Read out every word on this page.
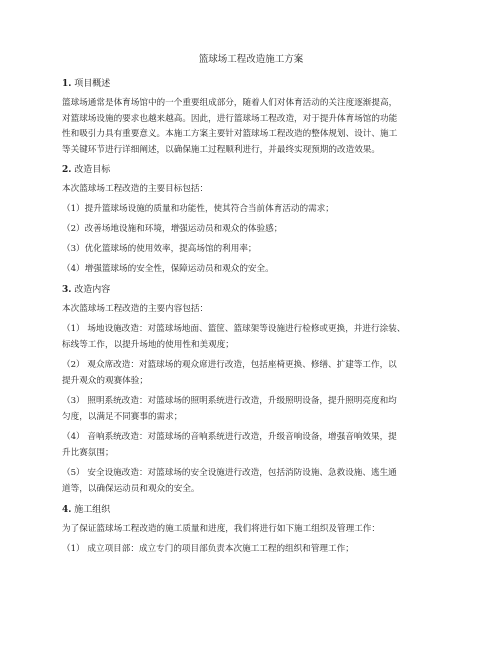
篮球场工程改造施工方案
1. 项目概述
篮球场通常是体育场馆中的一个重要组成部分，随着人们对体育活动的关注度逐渐提高，
对篮球场设施的要求也越来越高。因此，进行篮球场工程改造，对于提升体育场馆的功能
性和吸引力具有重要意义。本施工方案主要针对篮球场工程改造的整体规划、设计、施工
等关键环节进行详细阐述，以确保施工过程顺利进行，并最终实现预期的改造效果。
2. 改造目标
本次篮球场工程改造的主要目标包括：
（1）提升篮球场设施的质量和功能性，使其符合当前体育活动的需求；
（2）改善场地设施和环境，增强运动员和观众的体验感；
（3）优化篮球场的使用效率，提高场馆的利用率；
（4）增强篮球场的安全性，保障运动员和观众的安全。
3. 改造内容
本次篮球场工程改造的主要内容包括：
（1） 场地设施改造：对篮球场地面、篮筐、篮球架等设施进行检修或更换，并进行涂装、
标线等工作，以提升场地的使用性和美观度；
（2） 观众席改造：对篮球场的观众席进行改造，包括座椅更换、修缮、扩建等工作，以
提升观众的观赛体验；
（3） 照明系统改造：对篮球场的照明系统进行改造，升级照明设备，提升照明亮度和均
匀度，以满足不同赛事的需求；
（4） 音响系统改造：对篮球场的音响系统进行改造，升级音响设备，增强音响效果，提
升比赛氛围；
（5） 安全设施改造：对篮球场的安全设施进行改造，包括消防设施、急救设施、逃生通
道等，以确保运动员和观众的安全。
4. 施工组织
为了保证篮球场工程改造的施工质量和进度，我们将进行如下施工组织及管理工作：
（1） 成立项目部：成立专门的项目部负责本次施工工程的组织和管理工作；
